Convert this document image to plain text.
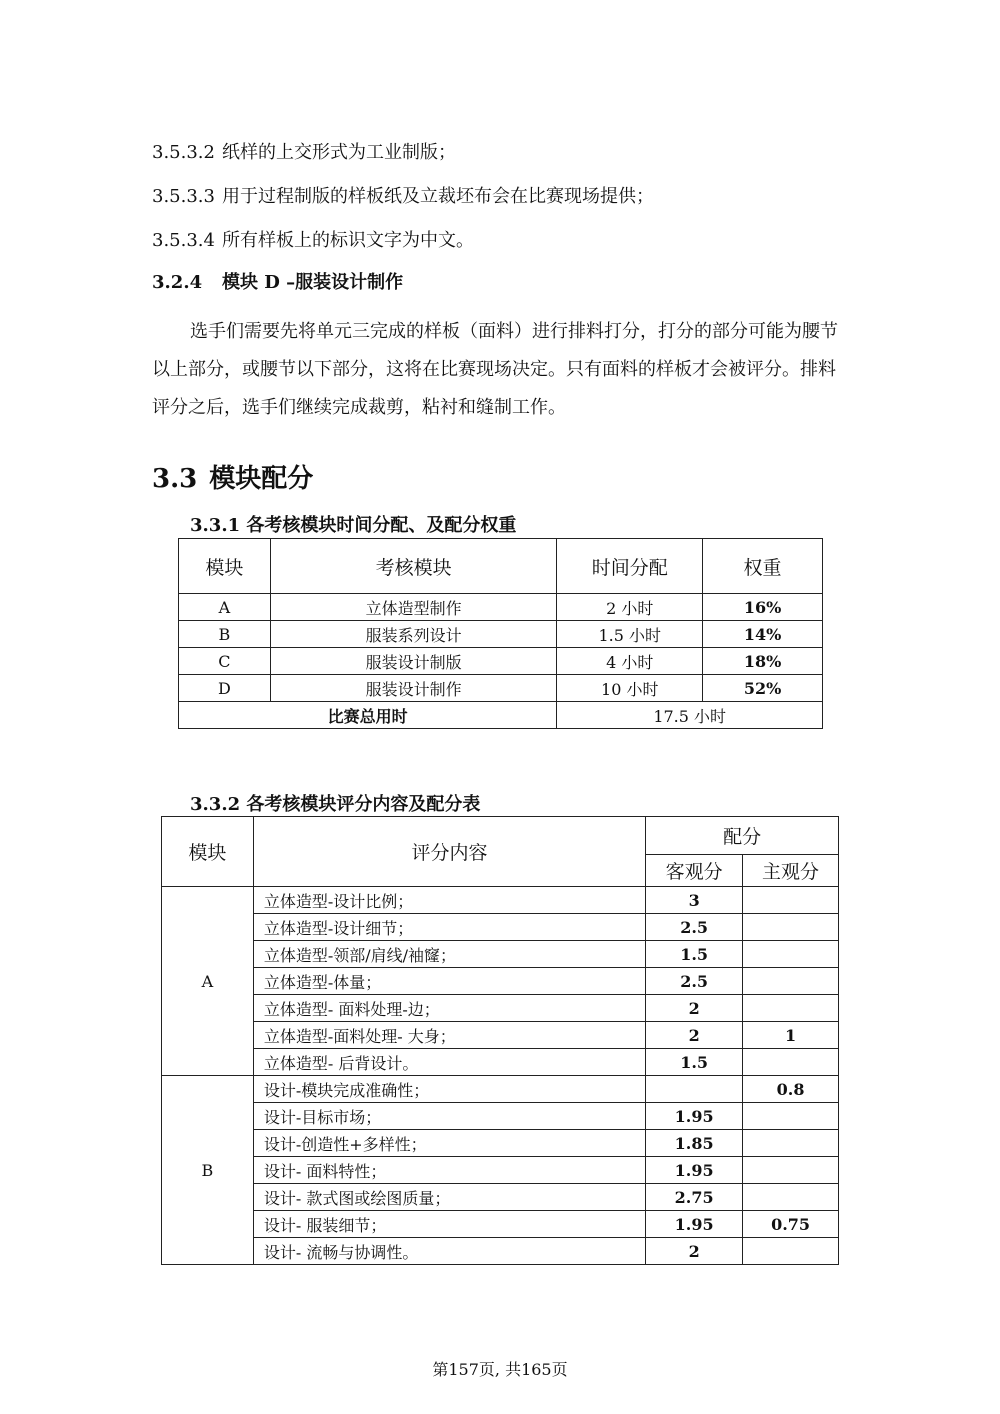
3.5.3.2 纸样的上交形式为工业制版；
3.5.3.3 用于过程制版的样板纸及立裁坯布会在比赛现场提供；
3.5.3.4 所有样板上的标识文字为中文。
3.2.4 模块 D –服装设计制作
选手们需要先将单元三完成的样板（面料）进行排料打分，打分的部分可能为腰节以上部分，或腰节以下部分，这将在比赛现场决定。只有面料的样板才会被评分。排料评分之后，选手们继续完成裁剪，粘衬和缝制工作。
3.3 模块配分
3.3.1 各考核模块时间分配、及配分权重
模块	考核模块	时间分配	权重
A	立体造型制作	2 小时	16%
B	服装系列设计	1.5 小时	14%
C	服装设计制版	4 小时	18%
D	服装设计制作	10 小时	52%
比赛总用时		17.5 小时	
3.3.2 各考核模块评分内容及配分表
模块	评分内容	配分	
		客观分	主观分
A	立体造型-设计比例；	3	
	立体造型-设计细节；	2.5	
	立体造型-领部/肩线/袖窿；	1.5	
	立体造型-体量；	2.5	
	立体造型- 面料处理-边；	2	
	立体造型-面料处理- 大身；	2	1
	立体造型- 后背设计。	1.5	
B	设计-模块完成准确性；		0.8
	设计-目标市场；	1.95	
	设计-创造性+多样性；	1.85	
	设计- 面料特性；	1.95	
	设计- 款式图或绘图质量；	2.75	
	设计- 服装细节；	1.95	0.75
	设计- 流畅与协调性。	2	
第157页, 共165页
